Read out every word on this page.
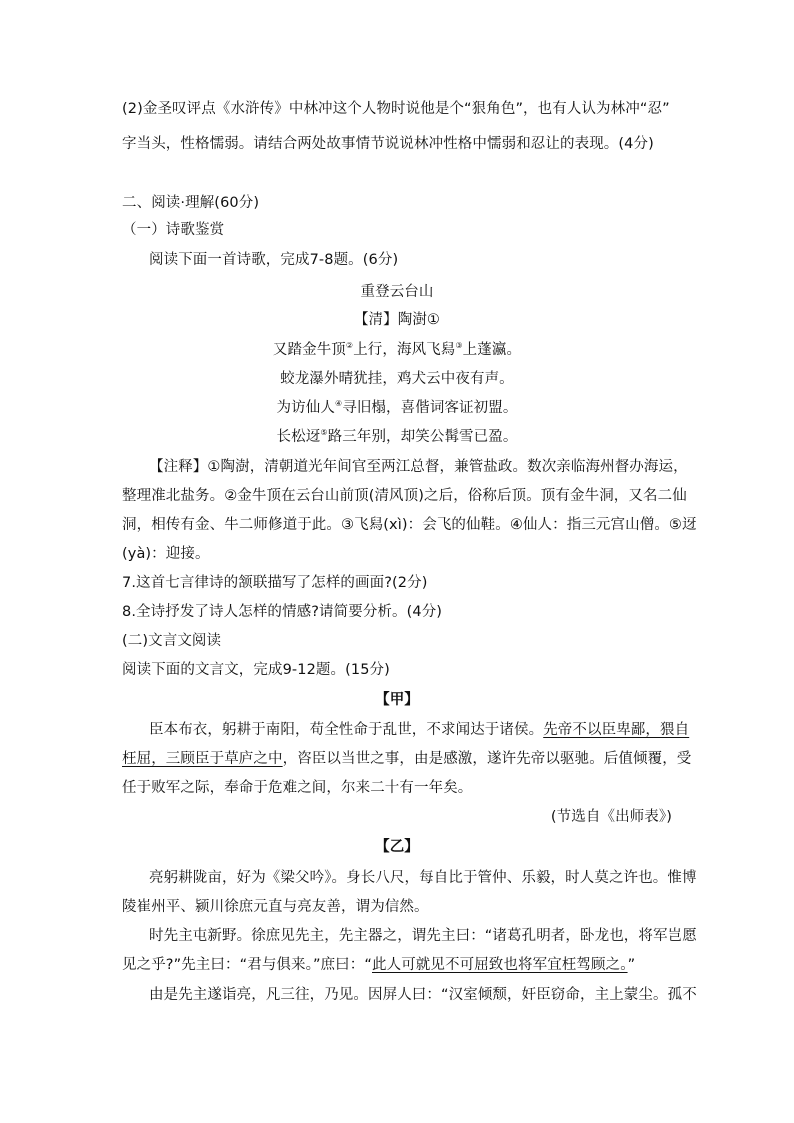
(2)金圣叹评点《水浒传》中林冲这个人物时说他是个“狠角色”，也有人认为林冲“忍”
字当头，性格懦弱。请结合两处故事情节说说林冲性格中懦弱和忍让的表现。(4分)
二、阅读·理解(60分)
（一）诗歌鉴赏
阅读下面一首诗歌，完成7-8题。(6分)
重登云台山
【清】陶澍①
又踏金牛顶②上行，海风飞舄③上蓬瀛。
蛟龙瀑外晴犹挂，鸡犬云中夜有声。
为访仙人④寻旧榻，喜偕词客证初盟。
长松迓⑤路三年别，却笑公髯雪已盈。
【注释】①陶澍，清朝道光年间官至两江总督，兼管盐政。数次亲临海州督办海运，
整理准北盐务。②金牛顶在云台山前顶(清风顶)之后，俗称后顶。顶有金牛洞，又名二仙
洞，相传有金、牛二师修道于此。③飞舄(xì)：会飞的仙鞋。④仙人：指三元宫山僧。⑤迓
(yà)：迎接。
7.这首七言律诗的颔联描写了怎样的画面?(2分)
8.全诗抒发了诗人怎样的情感?请简要分析。(4分)
(二)文言文阅读
阅读下面的文言文，完成9-12题。(15分)
【甲】
臣本布衣，躬耕于南阳，苟全性命于乱世，不求闻达于诸侯。先帝不以臣卑鄙，猥自
枉屈，三顾臣于草庐之中，咨臣以当世之事，由是感激，遂许先帝以驱驰。后值倾覆，受
任于败军之际，奉命于危难之间，尔来二十有一年矣。
(节选自《出师表》)
【乙】
亮躬耕陇亩，好为《梁父吟》。身长八尺，每自比于管仲、乐毅，时人莫之许也。惟博
陵崔州平、颍川徐庶元直与亮友善，谓为信然。
时先主屯新野。徐庶见先主，先主器之，谓先主曰：“诸葛孔明者，卧龙也，将军岂愿
见之乎?”先主曰：“君与俱来。”庶曰：“此人可就见不可屈致也将军宜枉驾顾之。”
由是先主遂诣亮，凡三往，乃见。因屏人曰：“汉室倾颓，奸臣窃命，主上蒙尘。孤不
